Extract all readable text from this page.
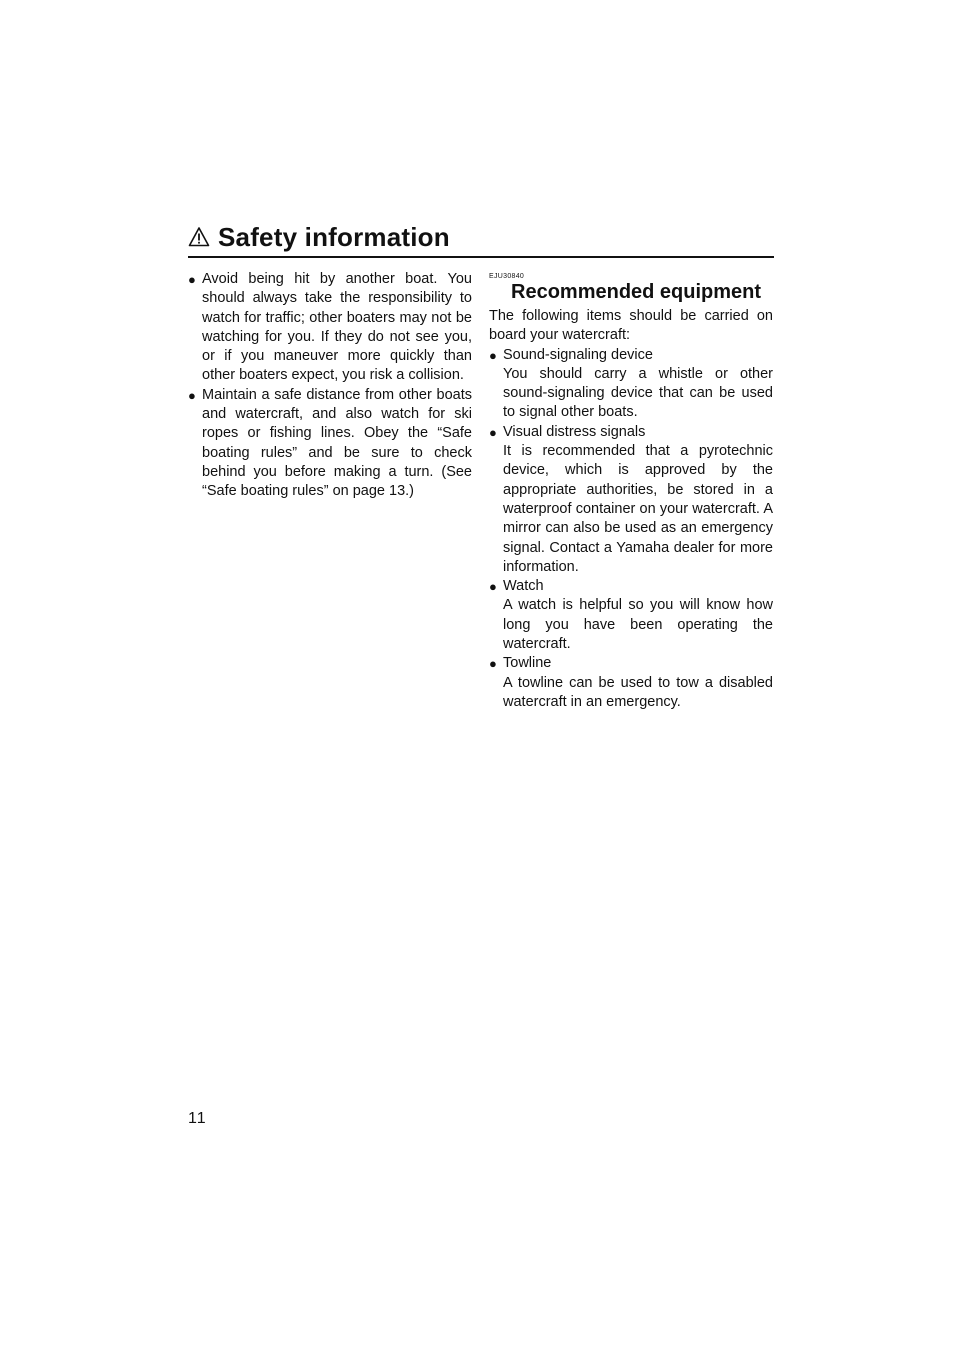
Safety information
● Avoid being hit by another boat. You should always take the responsibility to watch for traffic; other boaters may not be watching for you. If they do not see you, or if you maneuver more quickly than other boaters expect, you risk a collision.
● Maintain a safe distance from other boats and watercraft, and also watch for ski ropes or fishing lines. Obey the “Safe boating rules” and be sure to check behind you before making a turn. (See “Safe boating rules” on page 13.)
EJU30840
Recommended equipment

The following items should be carried on board your watercraft:

● Sound-signaling device
You should carry a whistle or other sound-signaling device that can be used to signal other boats.
● Visual distress signals
It is recommended that a pyrotechnic device, which is approved by the appropriate authorities, be stored in a waterproof container on your watercraft. A mirror can also be used as an emergency signal. Contact a Yamaha dealer for more information.
● Watch
A watch is helpful so you will know how long you have been operating the watercraft.
● Towline
A towline can be used to tow a disabled watercraft in an emergency.
11
